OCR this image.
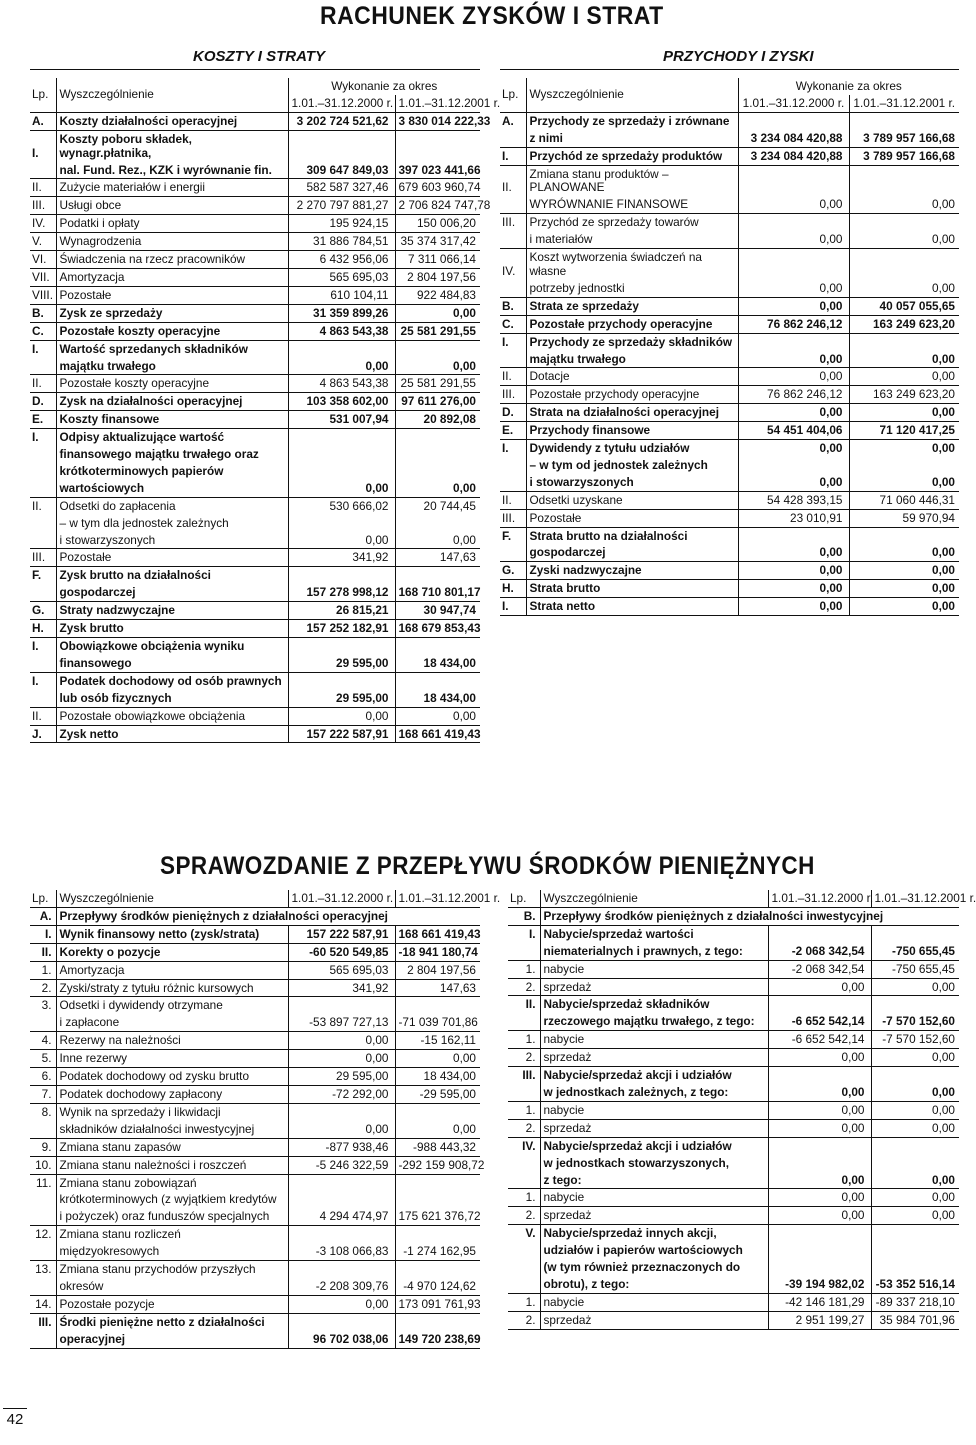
RACHUNEK ZYSKÓW I STRAT
KOSZTY I STRATY	PRZYCHODY I ZYSKI
Lp.	Wyszczególnienie	Wykonanie za okres	
		1.01.–31.12.2000 r.	1.01.–31.12.2001 r.
A.	Koszty działalności operacyjnej	3 202 724 521,62	3 830 014 222,33
I.	Koszty poboru składek, wynagr.płatnika,		
	nal. Fund. Rez., KZK i wyrównanie fin.	309 647 849,03	397 023 441,66
II.	Zużycie materiałów i energii	582 587 327,46	679 603 960,74
III.	Usługi obce	2 270 797 881,27	2 706 824 747,78
IV.	Podatki i opłaty	195 924,15	150 006,20
V.	Wynagrodzenia	31 886 784,51	35 374 317,42
VI.	Świadczenia na rzecz pracowników	6 432 956,06	7 311 066,14
VII.	Amortyzacja	565 695,03	2 804 197,56
VIII.	Pozostałe	610 104,11	922 484,83
B.	Zysk ze sprzedaży	31 359 899,26	0,00
C.	Pozostałe koszty operacyjne	4 863 543,38	25 581 291,55
I.	Wartość sprzedanych składników		
	majątku trwałego	0,00	0,00
II.	Pozostałe koszty operacyjne	4 863 543,38	25 581 291,55
D.	Zysk na działalności operacyjnej	103 358 602,00	97 611 276,00
E.	Koszty finansowe	531 007,94	20 892,08
I.	Odpisy aktualizujące wartość		
	finansowego majątku trwałego oraz		
	krótkoterminowych papierów		
	wartościowych	0,00	0,00
II.	Odsetki do zapłacenia	530 666,02	20 744,45
	– w tym dla jednostek zależnych		
	i stowarzyszonych	0,00	0,00
III.	Pozostałe	341,92	147,63
F.	Zysk brutto na działalności		
	gospodarczej	157 278 998,12	168 710 801,17
G.	Straty nadzwyczajne	26 815,21	30 947,74
H.	Zysk brutto	157 252 182,91	168 679 853,43
I.	Obowiązkowe obciążenia wyniku		
	finansowego	29 595,00	18 434,00
I.	Podatek dochodowy od osób prawnych		
	lub osób fizycznych	29 595,00	18 434,00
II.	Pozostałe obowiązkowe obciążenia	0,00	0,00
J.	Zysk netto	157 222 587,91	168 661 419,43
Lp.	Wyszczególnienie	Wykonanie za okres	
		1.01.–31.12.2000 r.	1.01.–31.12.2001 r.
A.	Przychody ze sprzedaży i zrównane		
	z nimi	3 234 084 420,88	3 789 957 166,68
I.	Przychód ze sprzedaży produktów	3 234 084 420,88	3 789 957 166,68
II.	Zmiana stanu produktów – PLANOWANE		
	WYRÓWNANIE FINANSOWE	0,00	0,00
III.	Przychód ze sprzedaży towarów		
	i materiałów	0,00	0,00
IV.	Koszt wytworzenia świadczeń na własne		
	potrzeby jednostki	0,00	0,00
B.	Strata ze sprzedaży	0,00	40 057 055,65
C.	Pozostałe przychody operacyjne	76 862 246,12	163 249 623,20
I.	Przychody ze sprzedaży składników		
	majątku trwałego	0,00	0,00
II.	Dotacje	0,00	0,00
III.	Pozostałe przychody operacyjne	76 862 246,12	163 249 623,20
D.	Strata na działalności operacyjnej	0,00	0,00
E.	Przychody finansowe	54 451 404,06	71 120 417,25
I.	Dywidendy z tytułu udziałów	0,00	0,00
	– w tym od jednostek zależnych		
	i stowarzyszonych	0,00	0,00
II.	Odsetki uzyskane	54 428 393,15	71 060 446,31
III.	Pozostałe	23 010,91	59 970,94
F.	Strata brutto na działalności		
	gospodarczej	0,00	0,00
G.	Zyski nadzwyczajne	0,00	0,00
H.	Strata brutto	0,00	0,00
I.	Strata netto	0,00	0,00
SPRAWOZDANIE Z PRZEPŁYWU ŚRODKÓW PIENIĘŻNYCH
Lp.	Wyszczególnienie	1.01.–31.12.2000 r.	1.01.–31.12.2001 r.
A.	Przepływy środków pieniężnych z działalności operacyjnej		
I.	Wynik finansowy netto (zysk/strata)	157 222 587,91	168 661 419,43
II.	Korekty o pozycje	-60 520 549,85	-18 941 180,74
1.	Amortyzacja	565 695,03	2 804 197,56
2.	Zyski/straty z tytułu różnic kursowych	341,92	147,63
3.	Odsetki i dywidendy otrzymane		
	i zapłacone	-53 897 727,13	-71 039 701,86
4.	Rezerwy na należności	0,00	-15 162,11
5.	Inne rezerwy	0,00	0,00
6.	Podatek dochodowy od zysku brutto	29 595,00	18 434,00
7.	Podatek dochodowy zapłacony	-72 292,00	-29 595,00
8.	Wynik na sprzedaży i likwidacji		
	składników działalności inwestycyjnej	0,00	0,00
9.	Zmiana stanu zapasów	-877 938,46	-988 443,32
10.	Zmiana stanu należności i roszczeń	-5 246 322,59	-292 159 908,72
11.	Zmiana stanu zobowiązań		
	krótkoterminowych (z wyjątkiem kredytów		
	i pożyczek) oraz funduszów specjalnych	4 294 474,97	175 621 376,72
12.	Zmiana stanu rozliczeń		
	międzyokresowych	-3 108 066,83	-1 274 162,95
13.	Zmiana stanu przychodów przyszłych		
	okresów	-2 208 309,76	-4 970 124,62
14.	Pozostałe pozycje	0,00	173 091 761,93
III.	Środki pieniężne netto z działalności		
	operacyjnej	96 702 038,06	149 720 238,69
Lp.	Wyszczególnienie	1.01.–31.12.2000 r.	1.01.–31.12.2001 r.
B.	Przepływy środków pieniężnych z działalności inwestycyjnej		
I.	Nabycie/sprzedaż wartości		
	niematerialnych i prawnych, z tego:	-2 068 342,54	-750 655,45
1.	nabycie	-2 068 342,54	-750 655,45
2.	sprzedaż	0,00	0,00
II.	Nabycie/sprzedaż składników		
	rzeczowego majątku trwałego, z tego:	-6 652 542,14	-7 570 152,60
1.	nabycie	-6 652 542,14	-7 570 152,60
2.	sprzedaż	0,00	0,00
III.	Nabycie/sprzedaż akcji i udziałów		
	w jednostkach zależnych, z tego:	0,00	0,00
1.	nabycie	0,00	0,00
2.	sprzedaż	0,00	0,00
IV.	Nabycie/sprzedaż akcji i udziałów		
	w jednostkach stowarzyszonych,		
	z tego:	0,00	0,00
1.	nabycie	0,00	0,00
2.	sprzedaż	0,00	0,00
V.	Nabycie/sprzedaż innych akcji,		
	udziałów i papierów wartościowych		
	(w tym również przeznaczonych do		
	obrotu), z tego:	-39 194 982,02	-53 352 516,14
1.	nabycie	-42 146 181,29	-89 337 218,10
2.	sprzedaż	2 951 199,27	35 984 701,96
42
